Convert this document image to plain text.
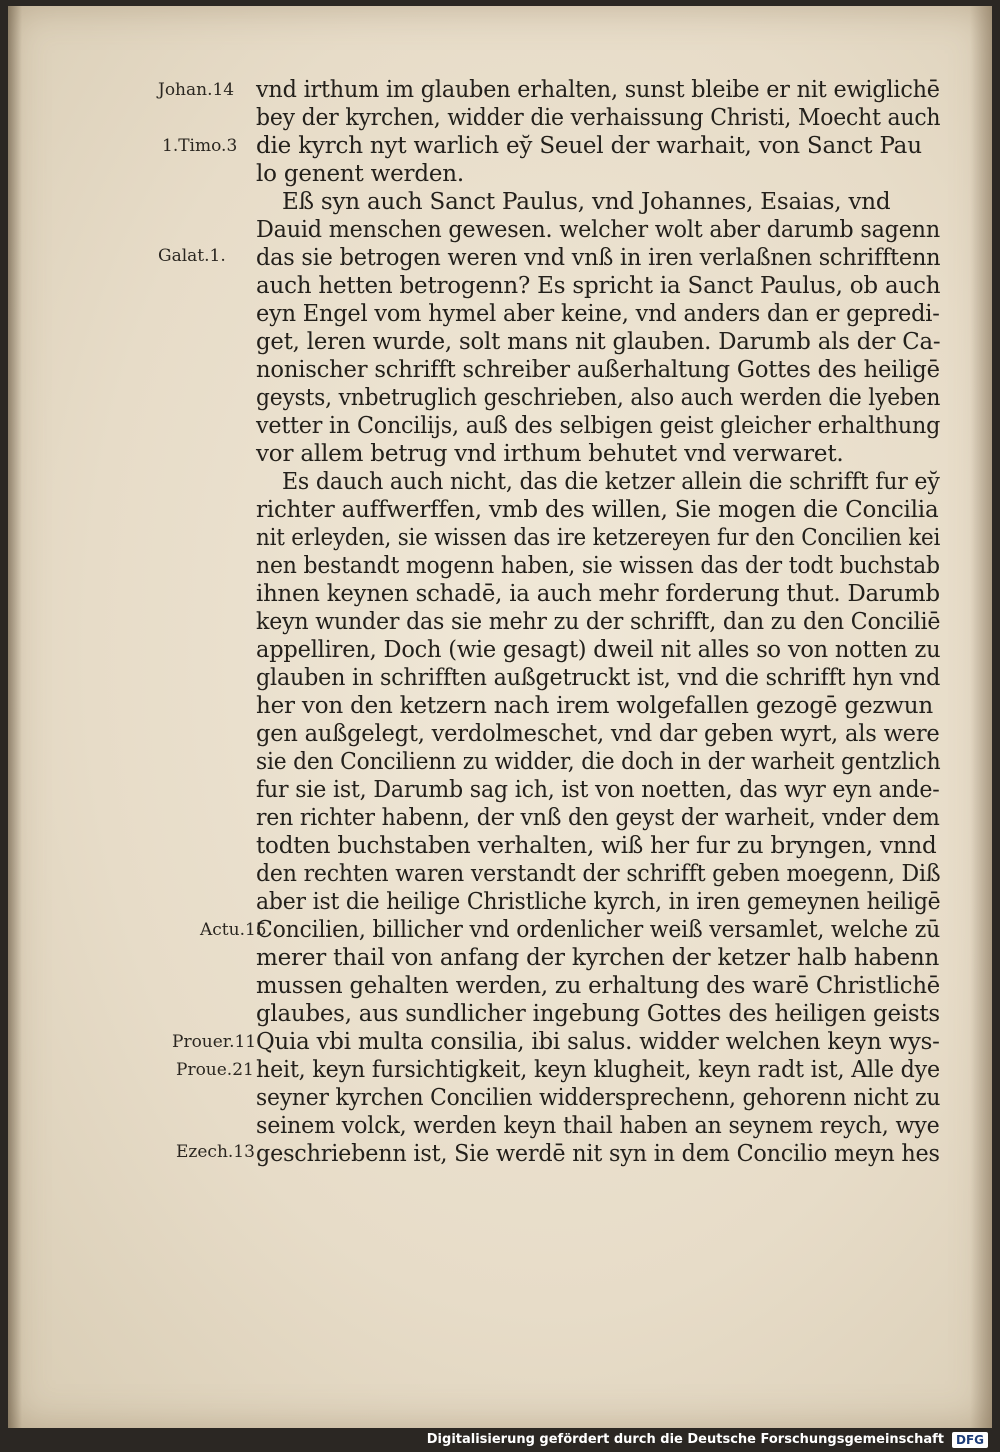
Johan.14
1.Timo.3
Galat.1.
Actu.15
Prouer.11
Proue.21
Ezech.13
vnd irthum im glauben erhalten, sunst bleibe er nit ewiglichē
bey der kyrchen, widder die verhaissung Christi, Moecht auch
die kyrch nyt warlich ey̆ Seuel der warhait, von Sanct Pau
lo genent werden.
Eß syn auch Sanct Paulus, vnd Johannes, Esaias, vnd
Dauid menschen gewesen. welcher wolt aber darumb sagenn
das sie betrogen weren vnd vnß in iren verlaßnen schrifftenn
auch hetten betrogenn? Es spricht ia Sanct Paulus, ob auch
eyn Engel vom hymel aber keine, vnd anders dan er gepredi-
get, leren wurde, solt mans nit glauben. Darumb als der Ca-
nonischer schrifft schreiber außerhaltung Gottes des heiligē
geysts, vnbetruglich geschrieben, also auch werden die lyeben
vetter in Concilijs, auß des selbigen geist gleicher erhalthung
vor allem betrug vnd irthum behutet vnd verwaret.
Es dauch auch nicht, das die ketzer allein die schrifft fur ey̆
richter auffwerffen, vmb des willen, Sie mogen die Concilia
nit erleyden, sie wissen das ire ketzereyen fur den Concilien kei
nen bestandt mogenn haben, sie wissen das der todt buchstab
ihnen keynen schadē, ia auch mehr forderung thut. Darumb
keyn wunder das sie mehr zu der schrifft, dan zu den Conciliē
appelliren, Doch (wie gesagt) dweil nit alles so von notten zu
glauben in schrifften außgetruckt ist, vnd die schrifft hyn vnd
her von den ketzern nach irem wolgefallen gezogē gezwun
gen außgelegt, verdolmeschet, vnd dar geben wyrt, als were
sie den Concilienn zu widder, die doch in der warheit gentzlich
fur sie ist, Darumb sag ich, ist von noetten, das wyr eyn ande-
ren richter habenn, der vnß den geyst der warheit, vnder dem
todten buchstaben verhalten, wiß her fur zu bryngen, vnnd
den rechten waren verstandt der schrifft geben moegenn, Diß
aber ist die heilige Christliche kyrch, in iren gemeynen heiligē
Concilien, billicher vnd ordenlicher weiß versamlet, welche zū
merer thail von anfang der kyrchen der ketzer halb habenn
mussen gehalten werden, zu erhaltung des warē Christlichē
glaubes, aus sundlicher ingebung Gottes des heiligen geists
Quia vbi multa consilia, ibi salus. widder welchen keyn wys-
heit, keyn fursichtigkeit, keyn klugheit, keyn radt ist, Alle dye
seyner kyrchen Concilien widdersprechenn, gehorenn nicht zu
seinem volck, werden keyn thail haben an seynem reych, wye
geschriebenn ist, Sie werdē nit syn in dem Concilio meyn hes
Digitalisierung gefördert durch die Deutsche Forschungsgemeinschaft DFG
